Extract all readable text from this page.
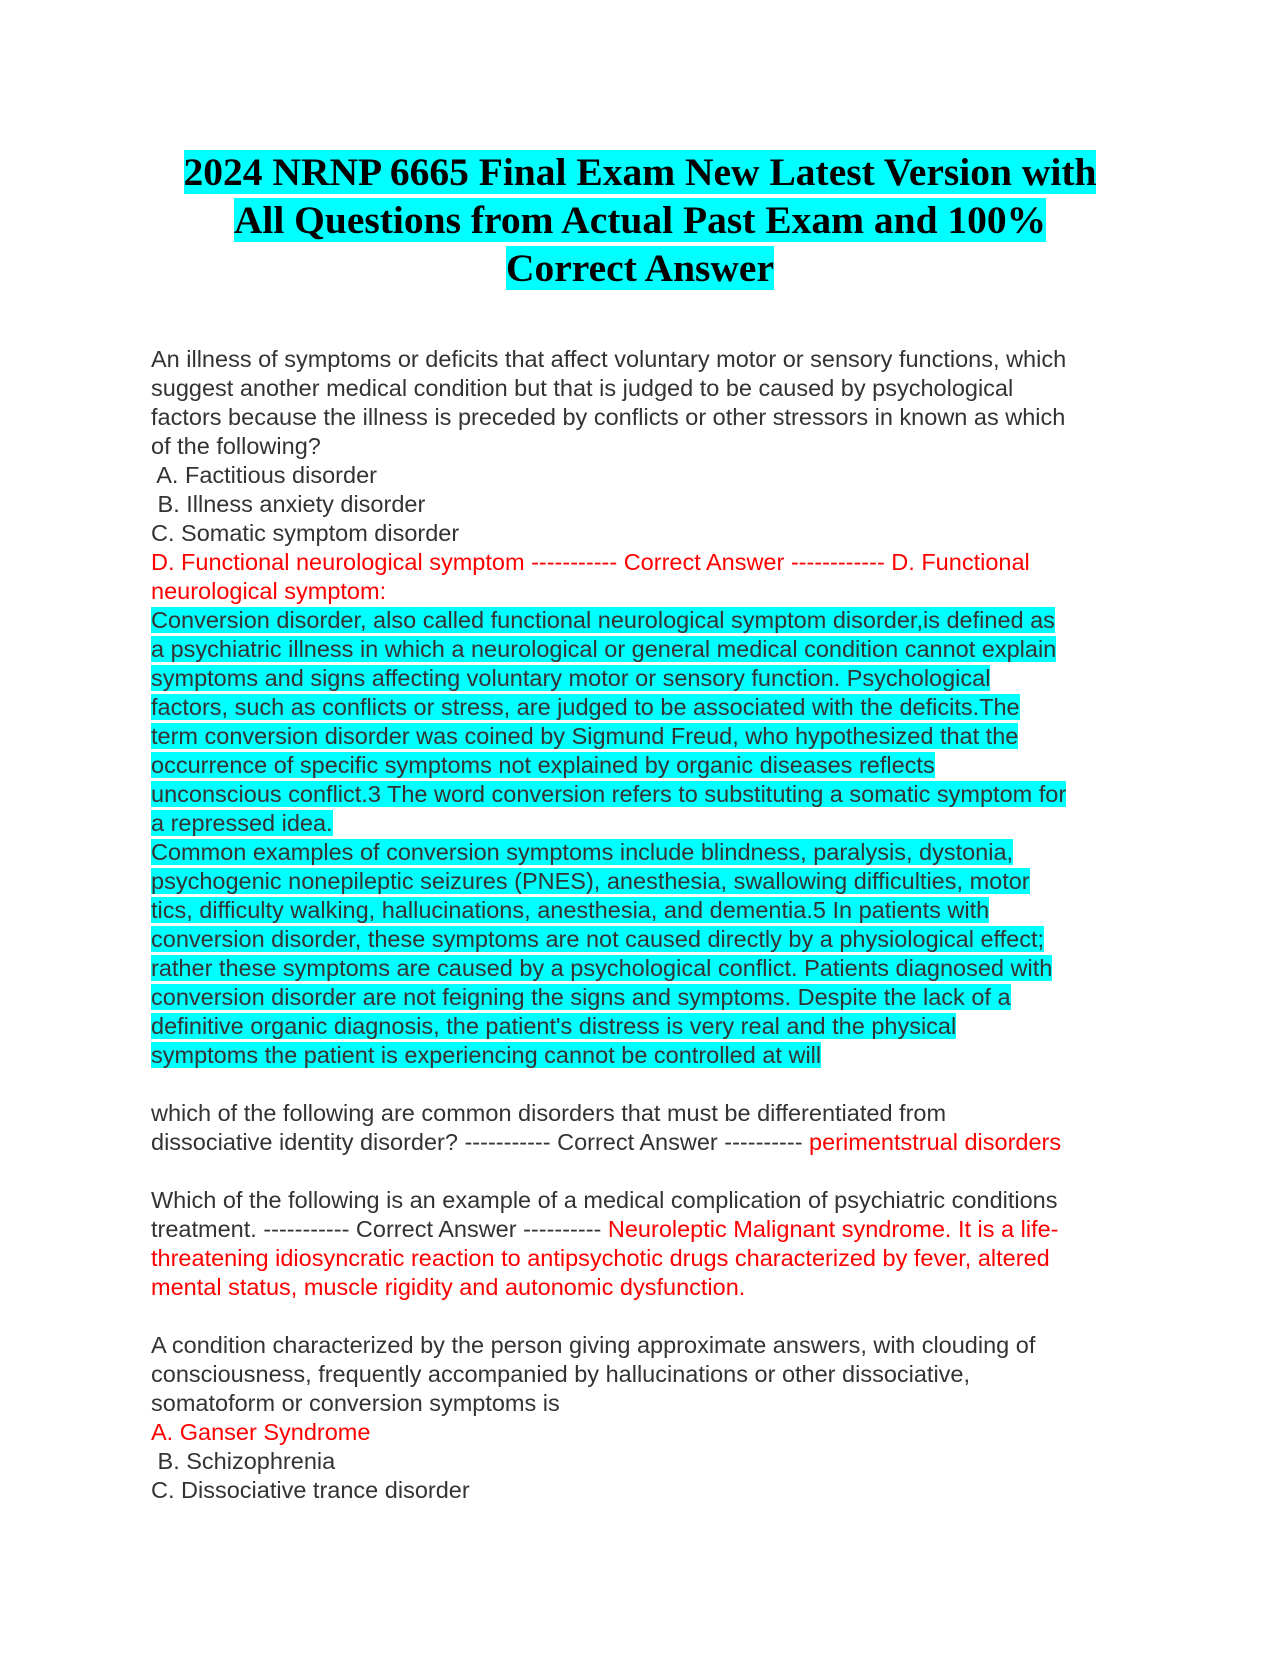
2024 NRNP 6665 Final Exam New Latest Version with
All Questions from Actual Past Exam and 100%
Correct Answer
An illness of symptoms or deficits that affect voluntary motor or sensory functions, which
suggest another medical condition but that is judged to be caused by psychological
factors because the illness is preceded by conflicts or other stressors in known as which
of the following?
A. Factitious disorder
B. Illness anxiety disorder
C. Somatic symptom disorder
D. Functional neurological symptom ----------- Correct Answer ------------ D. Functional
neurological symptom:
Conversion disorder, also called functional neurological symptom disorder,is defined as
a psychiatric illness in which a neurological or general medical condition cannot explain
symptoms and signs affecting voluntary motor or sensory function. Psychological
factors, such as conflicts or stress, are judged to be associated with the deficits.The
term conversion disorder was coined by Sigmund Freud, who hypothesized that the
occurrence of specific symptoms not explained by organic diseases reflects
unconscious conflict.3 The word conversion refers to substituting a somatic symptom for
a repressed idea.
Common examples of conversion symptoms include blindness, paralysis, dystonia,
psychogenic nonepileptic seizures (PNES), anesthesia, swallowing difficulties, motor
tics, difficulty walking, hallucinations, anesthesia, and dementia.5 In patients with
conversion disorder, these symptoms are not caused directly by a physiological effect;
rather these symptoms are caused by a psychological conflict. Patients diagnosed with
conversion disorder are not feigning the signs and symptoms. Despite the lack of a
definitive organic diagnosis, the patient's distress is very real and the physical
symptoms the patient is experiencing cannot be controlled at will
which of the following are common disorders that must be differentiated from
dissociative identity disorder? ----------- Correct Answer ---------- perimentstrual disorders
Which of the following is an example of a medical complication of psychiatric conditions
treatment. ----------- Correct Answer ---------- Neuroleptic Malignant syndrome. It is a life-
threatening idiosyncratic reaction to antipsychotic drugs characterized by fever, altered
mental status, muscle rigidity and autonomic dysfunction.
A condition characterized by the person giving approximate answers, with clouding of
consciousness, frequently accompanied by hallucinations or other dissociative,
somatoform or conversion symptoms is
A. Ganser Syndrome
B. Schizophrenia
C. Dissociative trance disorder
